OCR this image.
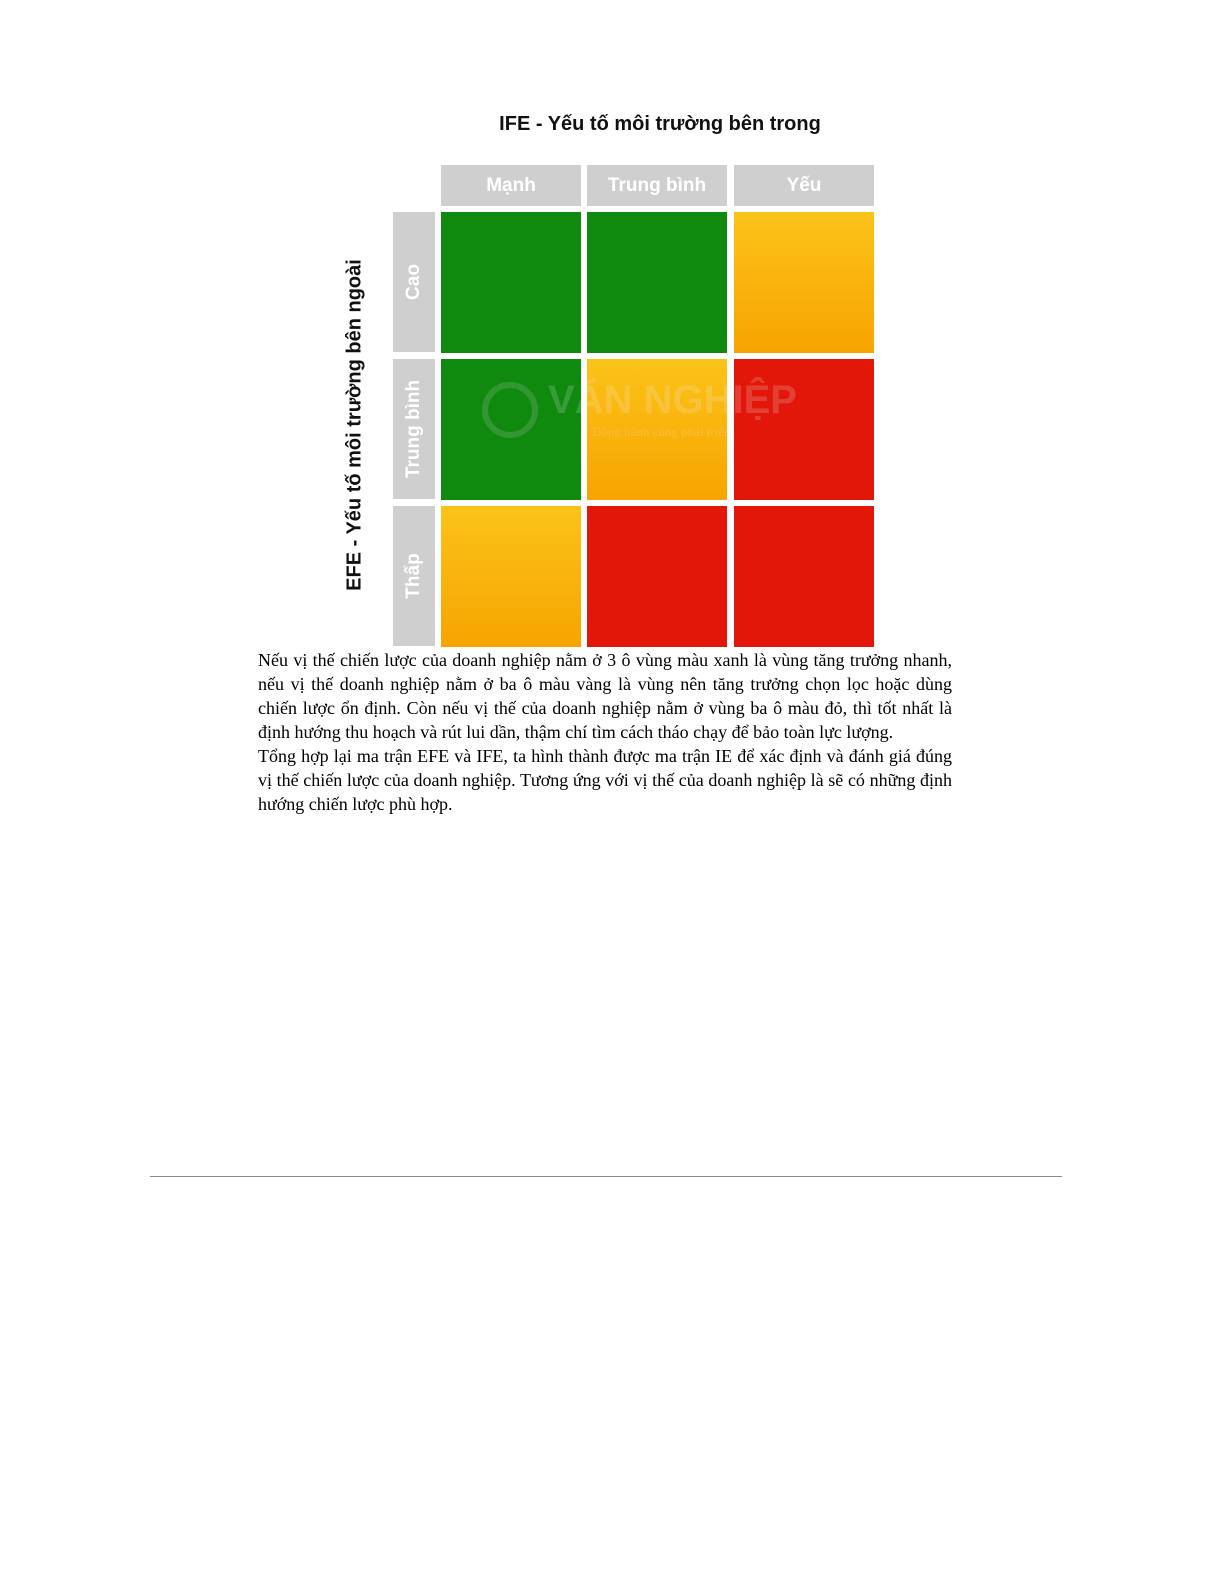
IFE - Yếu tố môi trường bên trong
EFE - Yếu tố môi trường bên ngoài
Mạnh	Trung bình	Yếu
Cao
Trung bình
Thấp

Nếu vị thế chiến lược của doanh nghiệp nằm ở 3 ô vùng màu xanh là vùng tăng trưởng nhanh, nếu vị thế doanh nghiệp nằm ở ba ô màu vàng là vùng nên tăng trưởng chọn lọc hoặc dùng chiến lược ổn định. Còn nếu vị thế của doanh nghiệp nằm ở vùng ba ô màu đỏ, thì tốt nhất là định hướng thu hoạch và rút lui dần, thậm chí tìm cách tháo chạy để bảo toàn lực lượng.

Tổng hợp lại ma trận EFE và IFE, ta hình thành được ma trận IE để xác định và đánh giá đúng vị thế chiến lược của doanh nghiệp. Tương ứng với vị thế của doanh nghiệp là sẽ có những định hướng chiến lược phù hợp.
